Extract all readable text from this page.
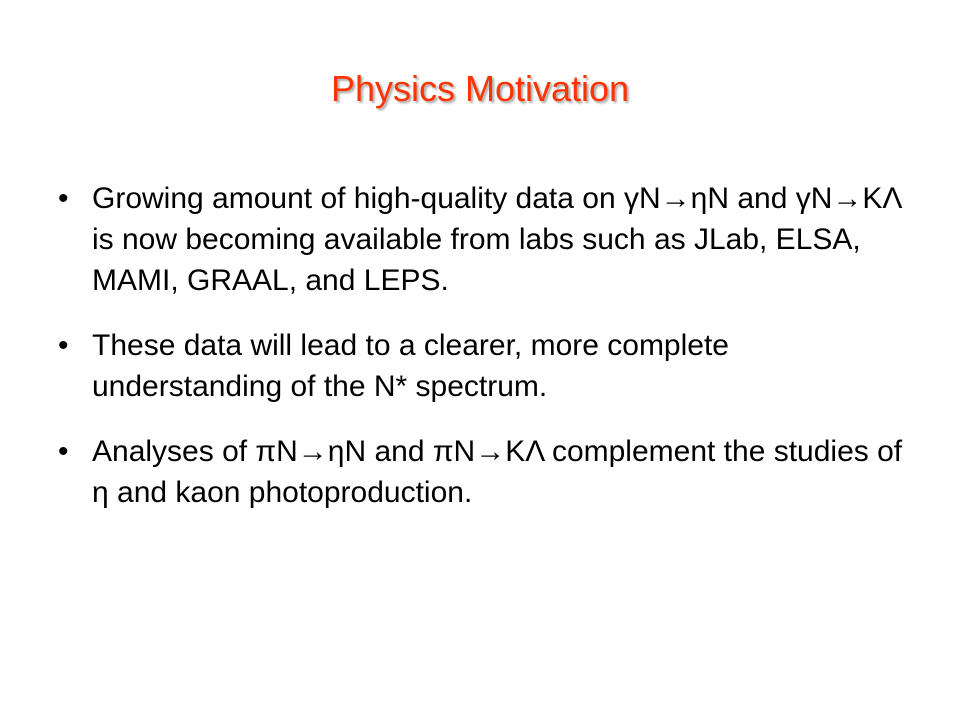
Physics Motivation
• Growing amount of high-quality data on γN→ηN and γN→KΛ is now becoming available from labs such as JLab, ELSA, MAMI, GRAAL, and LEPS.
• These data will lead to a clearer, more complete understanding of the N* spectrum.
• Analyses of πN→ηN and πN→KΛ complement the studies of η and kaon photoproduction.
